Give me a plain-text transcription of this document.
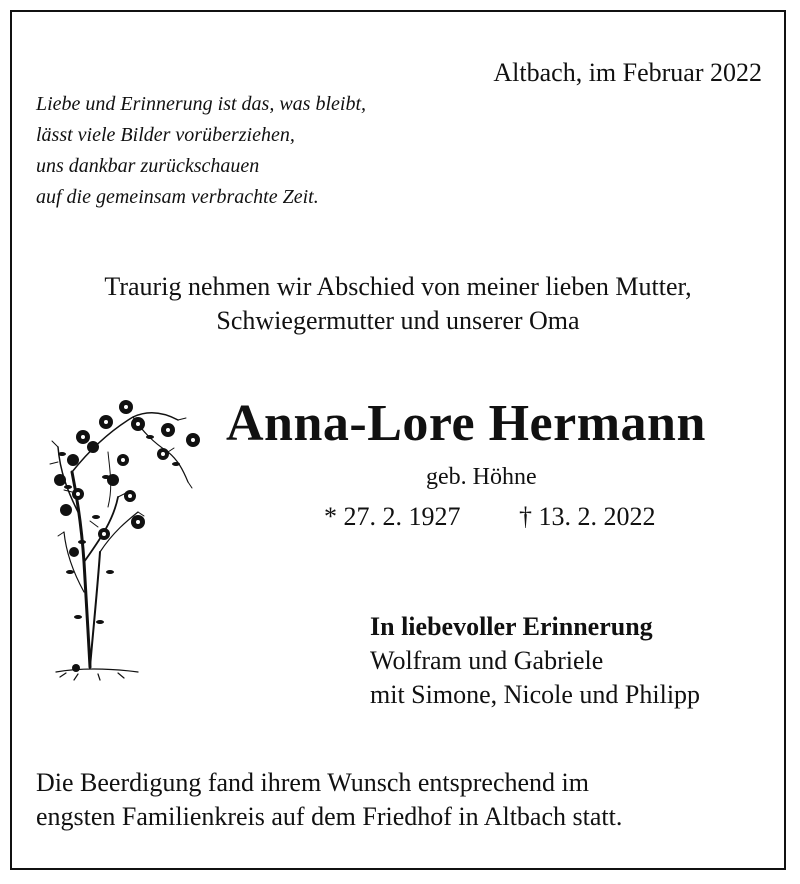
Altbach, im Februar 2022
Liebe und Erinnerung ist das, was bleibt,
lässt viele Bilder vorüberziehen,
uns dankbar zurückschauen
auf die gemeinsam verbrachte Zeit.
Traurig nehmen wir Abschied von meiner lieben Mutter,
Schwiegermutter und unserer Oma
Anna-Lore Hermann
geb. Höhne
* 27. 2. 1927 † 13. 2. 2022
In liebevoller Erinnerung
Wolfram und Gabriele
mit Simone, Nicole und Philipp
Die Beerdigung fand ihrem Wunsch entsprechend im
engsten Familienkreis auf dem Friedhof in Altbach statt.
